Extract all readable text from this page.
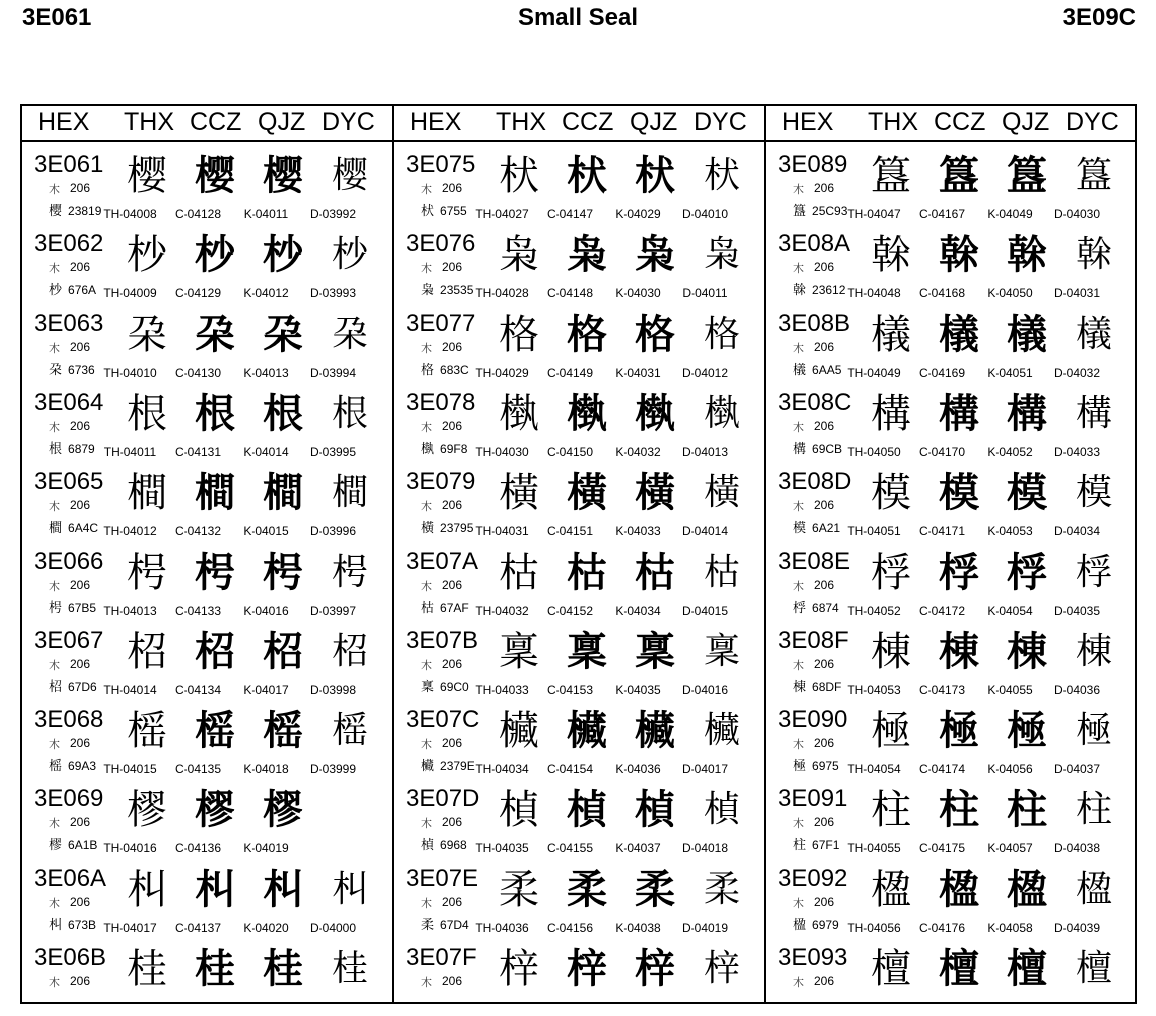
3E061	Small Seal	3E09C
HEX THX CCZ QJZ DYC
3E061
木 206
樱 23819
樱
TH-04008
樱
C-04128
樱
K-04011
樱
D-03992
3E062
木 206
杪 676A
杪
TH-04009
杪
C-04129
杪
K-04012
杪
D-03993
3E063
木 206
朶 6736
朶
TH-04010
朶
C-04130
朶
K-04013
朶
D-03994
3E064
木 206
根 6879
根
TH-04011
根
C-04131
根
K-04014
根
D-03995
3E065
木 206
橺 6A4C
橺
TH-04012
橺
C-04132
橺
K-04015
橺
D-03996
3E066
木 206
枵 67B5
枵
TH-04013
枵
C-04133
枵
K-04016
枵
D-03997
3E067
木 206
柖 67D6
柖
TH-04014
柖
C-04134
柖
K-04017
柖
D-03998
3E068
木 206
榣 69A3
榣
TH-04015
榣
C-04135
榣
K-04018
榣
D-03999
3E069
木 206
樛 6A1B
樛
TH-04016
樛
C-04136
樛
K-04019
3E06A
木 206
朻 673B
朻
TH-04017
朻
C-04137
朻
K-04020
朻
D-04000
3E06B
木 206 桂 桂 桂 桂
HEX THX CCZ QJZ DYC
3E075
木 206
枤 6755
枤
TH-04027
枤
C-04147
枤
K-04029
枤
D-04010
3E076
木 206
枭 23535
枭
TH-04028
枭
C-04148
枭
K-04030
枭
D-04011
3E077
木 206
格 683C
格
TH-04029
格
C-04149
格
K-04031
格
D-04012
3E078
木 206
槸 69F8
槸
TH-04030
槸
C-04150
槸
K-04032
槸
D-04013
3E079
木 206
橫 23795
橫
TH-04031
橫
C-04151
橫
K-04033
橫
D-04014
3E07A
木 206
枯 67AF
枯
TH-04032
枯
C-04152
枯
K-04034
枯
D-04015
3E07B
木 206
稟 69C0
稟
TH-04033
稟
C-04153
稟
K-04035
稟
D-04016
3E07C
木 206
欌 2379E
欌
TH-04034
欌
C-04154
欌
K-04036
欌
D-04017
3E07D
木 206
楨 6968
楨
TH-04035
楨
C-04155
楨
K-04037
楨
D-04018
3E07E
木 206
柔 67D4
柔
TH-04036
柔
C-04156
柔
K-04038
柔
D-04019
3E07F
木 206 梓 梓 梓 梓
HEX THX CCZ QJZ DYC
3E089
木 206
簋 25C93
簋
TH-04047
簋
C-04167
簋
K-04049
簋
D-04030
3E08A
木 206
榦 23612
榦
TH-04048
榦
C-04168
榦
K-04050
榦
D-04031
3E08B
木 206
檥 6AA5
檥
TH-04049
檥
C-04169
檥
K-04051
檥
D-04032
3E08C
木 206
構 69CB
構
TH-04050
構
C-04170
構
K-04052
構
D-04033
3E08D
木 206
模 6A21
模
TH-04051
模
C-04171
模
K-04053
模
D-04034
3E08E
木 206
桴 6874
桴
TH-04052
桴
C-04172
桴
K-04054
桴
D-04035
3E08F
木 206
棟 68DF
棟
TH-04053
棟
C-04173
棟
K-04055
棟
D-04036
3E090
木 206
極 6975
極
TH-04054
極
C-04174
極
K-04056
極
D-04037
3E091
木 206
柱 67F1
柱
TH-04055
柱
C-04175
柱
K-04057
柱
D-04038
3E092
木 206
楹 6979
楹
TH-04056
楹
C-04176
楹
K-04058
楹
D-04039
3E093
木 206 檀 檀 檀 檀
